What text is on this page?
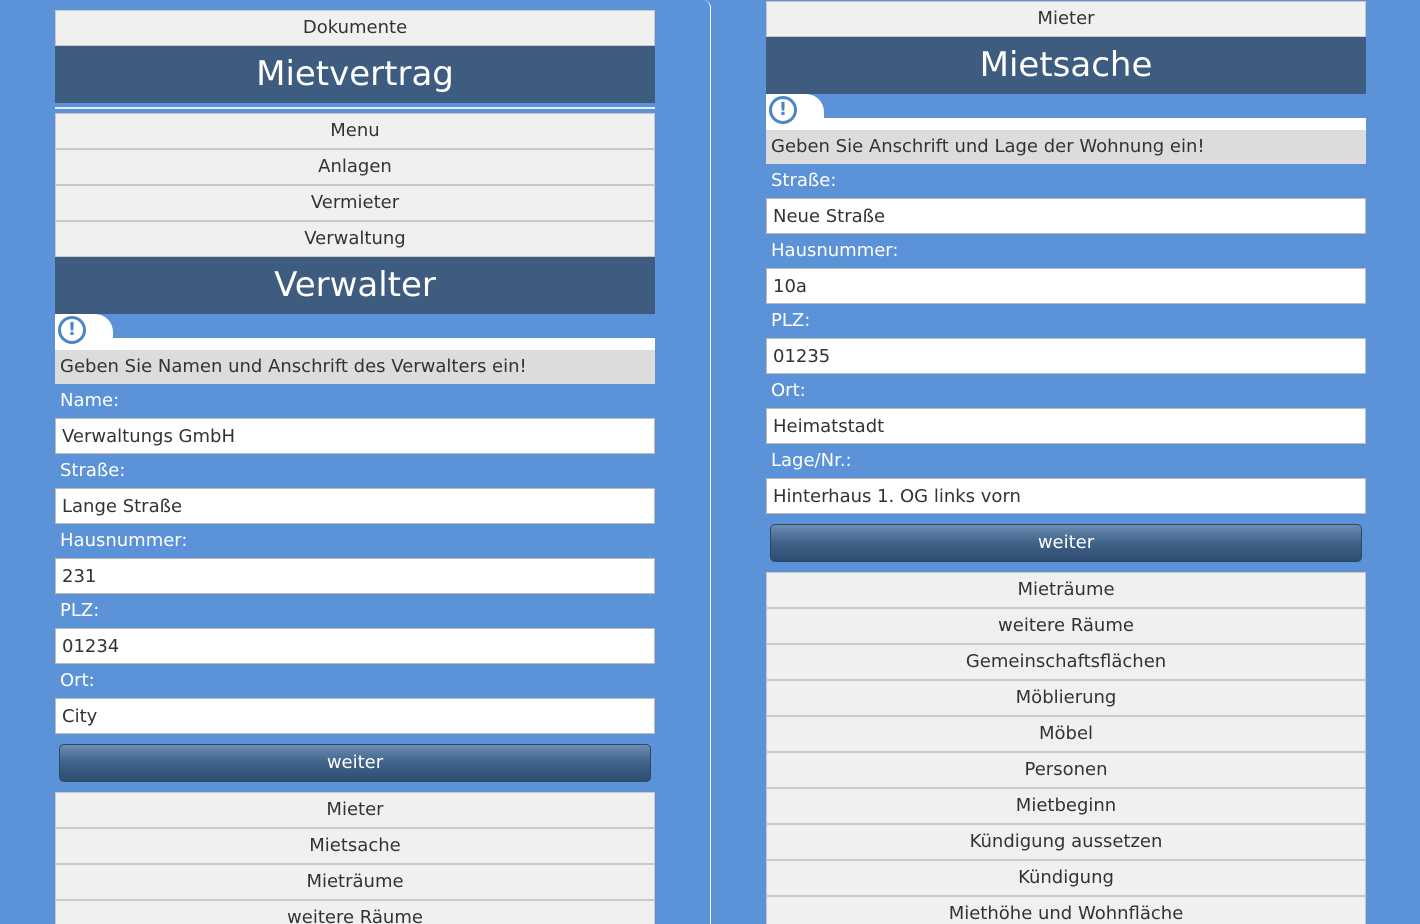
Dokumente
Mietvertrag
Menu
Anlagen
Vermieter
Verwaltung
Verwalter
!
Geben Sie Namen und Anschrift des Verwalters ein!
Name:
Verwaltungs GmbH
Straße:
Lange Straße
Hausnummer:
231
PLZ:
01234
Ort:
City
weiter
Mieter
Mietsache
Mieträume
weitere Räume
Mieter
Mietsache
!
Geben Sie Anschrift und Lage der Wohnung ein!
Straße:
Neue Straße
Hausnummer:
10a
PLZ:
01235
Ort:
Heimatstadt
Lage/Nr.:
Hinterhaus 1. OG links vorn
weiter
Mieträume
weitere Räume
Gemeinschaftsflächen
Möblierung
Möbel
Personen
Mietbeginn
Kündigung aussetzen
Kündigung
Miethöhe und Wohnfläche
